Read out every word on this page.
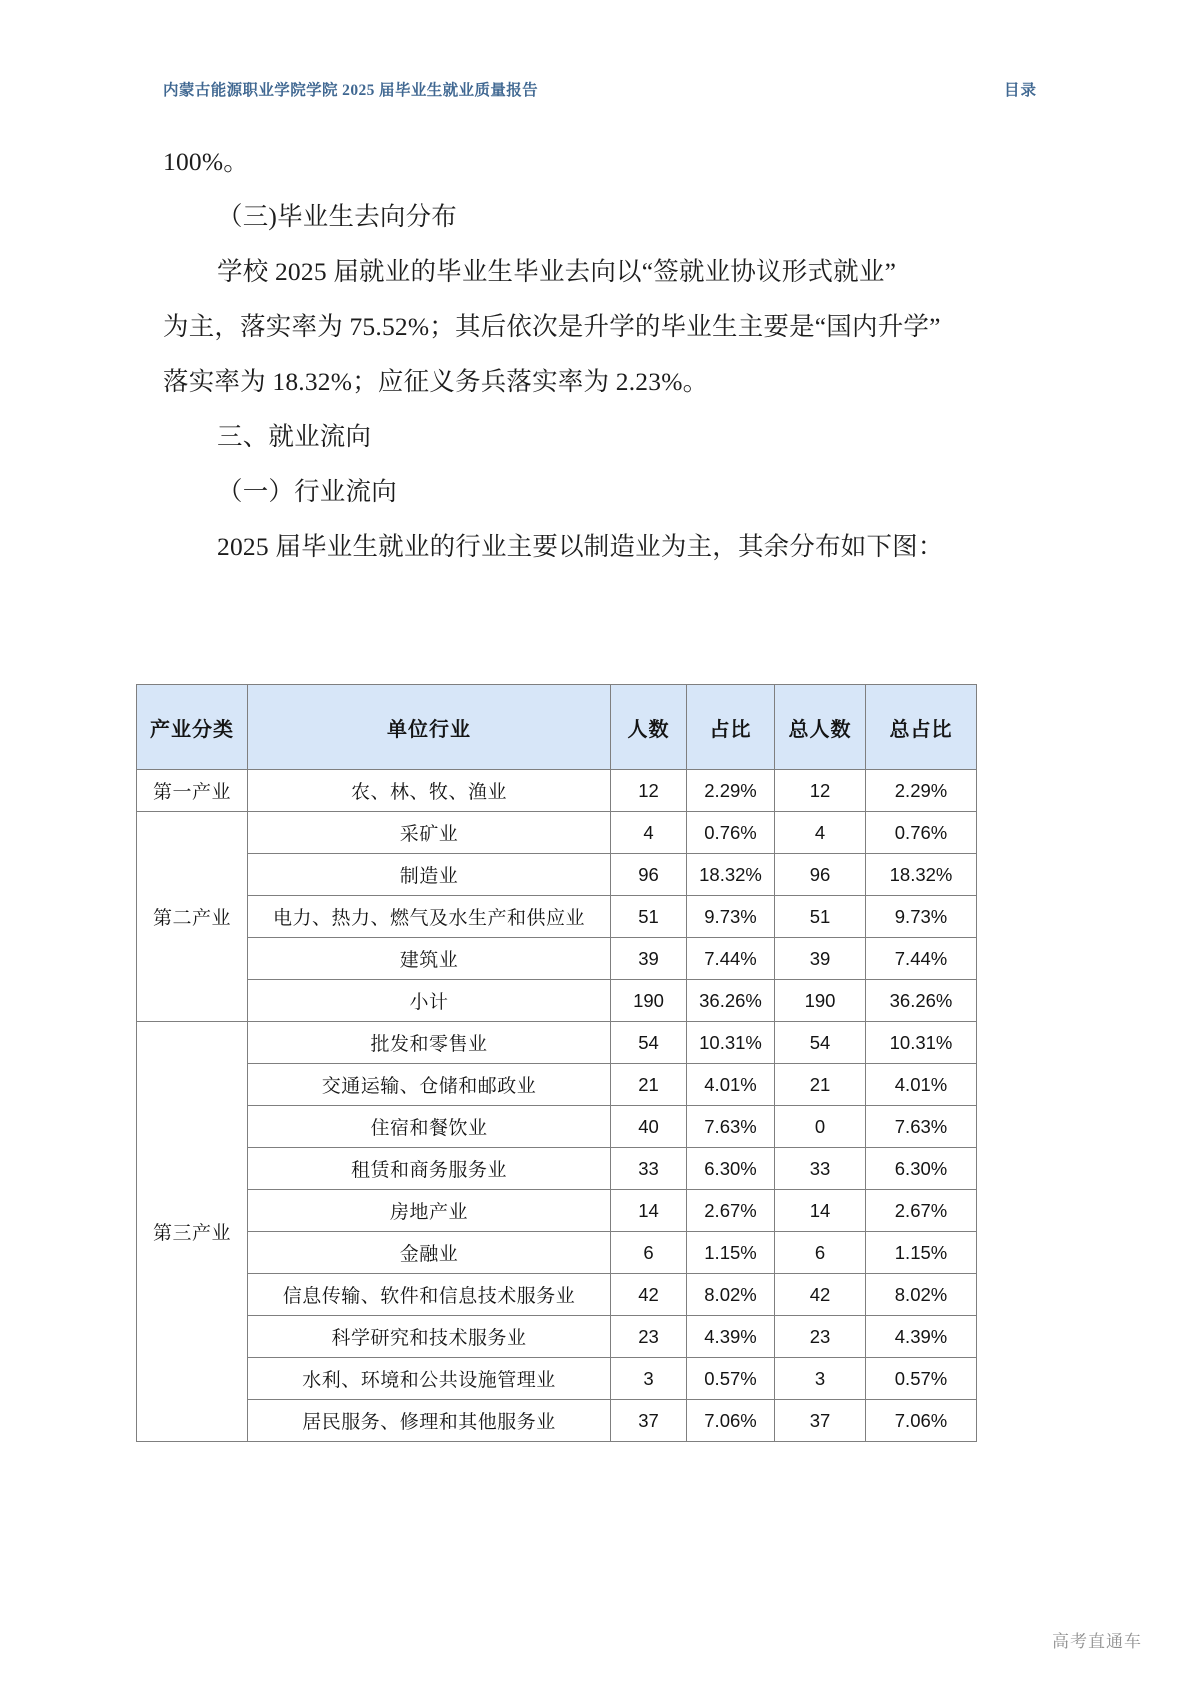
内蒙古能源职业学院学院 2025 届毕业生就业质量报告	目录
100%。
（三)毕业生去向分布
学校 2025 届就业的毕业生毕业去向以“签就业协议形式就业”
为主，落实率为 75.52%；其后依次是升学的毕业生主要是“国内升学”
落实率为 18.32%；应征义务兵落实率为 2.23%。
三、就业流向
（一）行业流向
2025 届毕业生就业的行业主要以制造业为主，其余分布如下图：
产业分类	单位行业	人数	占比	总人数	总占比
第一产业	农、林、牧、渔业	12	2.29%	12	2.29%
第二产业	采矿业	4	0.76%	4	0.76%
	制造业	96	18.32%	96	18.32%
	电力、热力、燃气及水生产和供应业	51	9.73%	51	9.73%
	建筑业	39	7.44%	39	7.44%
	小计	190	36.26%	190	36.26%
第三产业	批发和零售业	54	10.31%	54	10.31%
	交通运输、仓储和邮政业	21	4.01%	21	4.01%
	住宿和餐饮业	40	7.63%	0	7.63%
	租赁和商务服务业	33	6.30%	33	6.30%
	房地产业	14	2.67%	14	2.67%
	金融业	6	1.15%	6	1.15%
	信息传输、软件和信息技术服务业	42	8.02%	42	8.02%
	科学研究和技术服务业	23	4.39%	23	4.39%
	水利、环境和公共设施管理业	3	0.57%	3	0.57%
	居民服务、修理和其他服务业	37	7.06%	37	7.06%
高考直通车
